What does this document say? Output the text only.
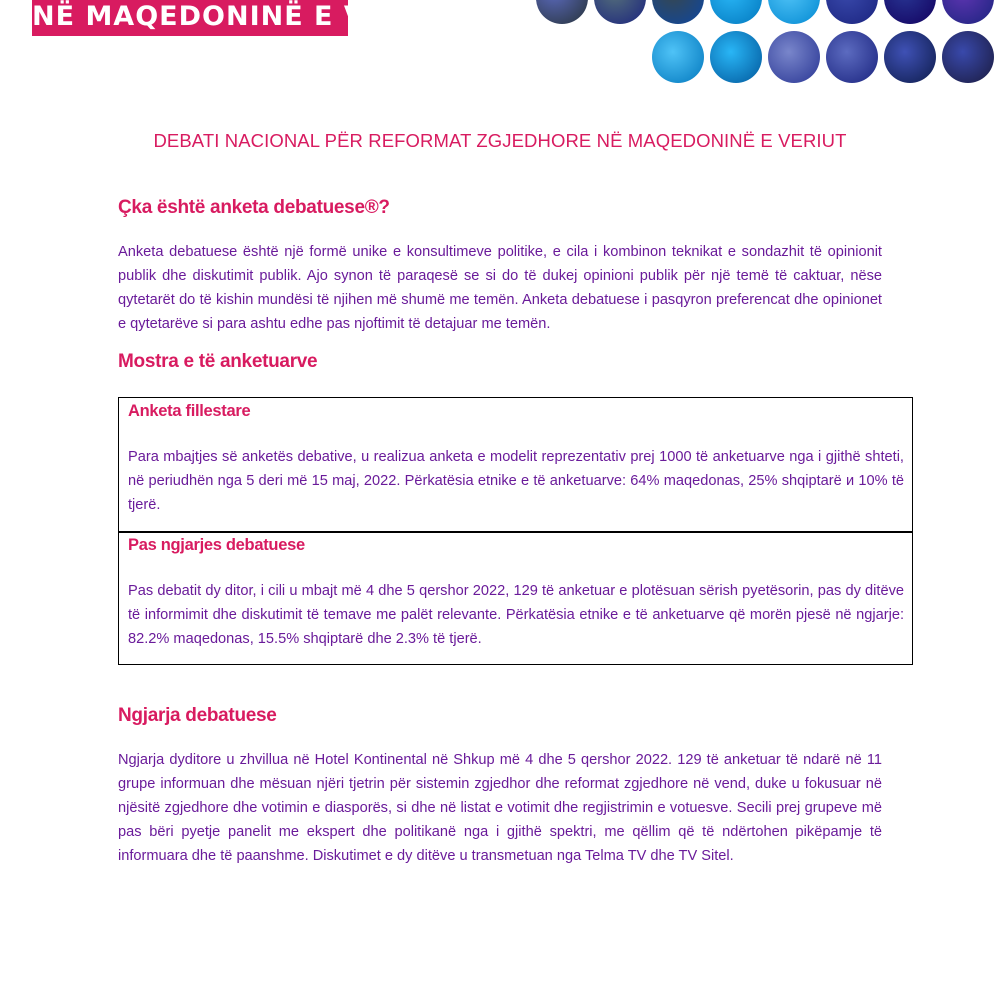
NË MAQEDONINË E VERIUT
DEBATI NACIONAL PËR REFORMAT ZGJEDHORE NË MAQEDONINË E VERIUT
Çka është anketa debatuese®?

Anketa debatuese është një formë unike e konsultimeve politike, e cila i kombinon teknikat e sondazhit të opinionit publik dhe diskutimit publik. Ajo synon të paraqesë se si do të dukej opinioni publik për një temë të caktuar, nëse qytetarët do të kishin mundësi të njihen më shumë me temën. Anketa debatuese i pasqyron preferencat dhe opinionet e qytetarëve si para ashtu edhe pas njoftimit të detajuar me temën.

Mostra e të anketuarve
Anketa fillestare

Para mbajtjes së anketës debative, u realizua anketa e modelit reprezentativ prej 1000 të anketuarve nga i gjithë shteti, në periudhën nga 5 deri më 15 maj, 2022. Përkatësia etnike e të anketuarve: 64% maqedonas, 25% shqiptarë и 10% të tjerë.

Pas ngjarjes debatuese

Pas debatit dy ditor, i cili u mbajt më 4 dhe 5 qershor 2022, 129 të anketuar e plotësuan sërish pyetësorin, pas dy ditëve të informimit dhe diskutimit të temave me palët relevante. Përkatësia etnike e të anketuarve që morën pjesë në ngjarje: 82.2% maqedonas, 15.5% shqiptarë dhe 2.3% të tjerë.

Ngjarja debatuese

Ngjarja dyditore u zhvillua në Hotel Kontinental në Shkup më 4 dhe 5 qershor 2022. 129 të anketuar të ndarë në 11 grupe informuan dhe mësuan njëri tjetrin për sistemin zgjedhor dhe reformat zgjedhore në vend, duke u fokusuar në njësitë zgjedhore dhe votimin e diasporës, si dhe në listat e votimit dhe regjistrimin e votuesve. Secili prej grupeve më pas bëri pyetje panelit me ekspert dhe politikanë nga i gjithë spektri, me qëllim që të ndërtohen pikëpamje të informuara dhe të paanshme. Diskutimet e dy ditëve u transmetuan nga Telma TV dhe TV Sitel.
